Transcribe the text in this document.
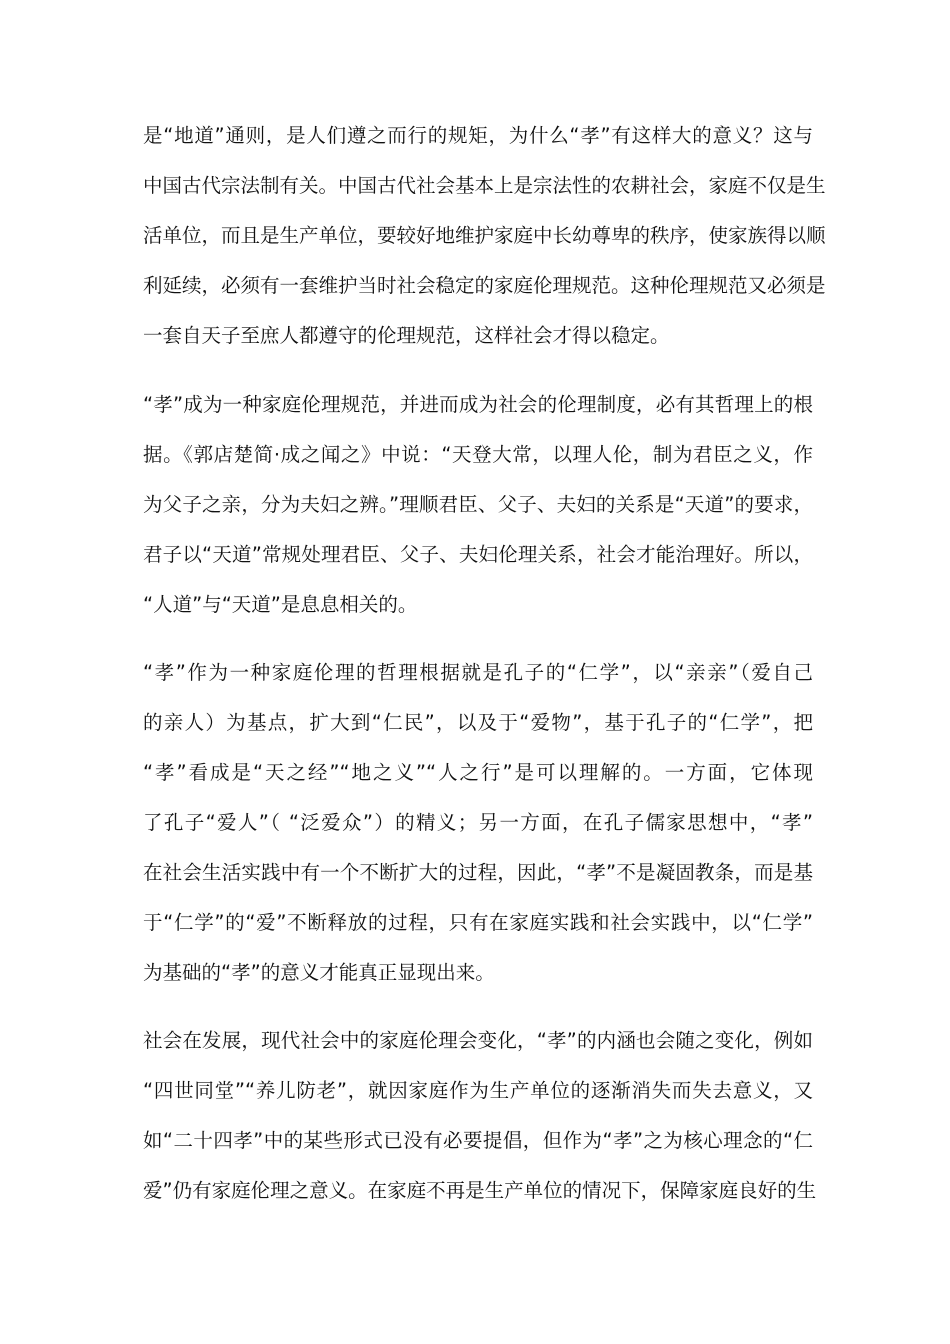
是“地道”通则，是人们遵之而行的规矩，为什么“孝”有这样大的意义？这与
中国古代宗法制有关。中国古代社会基本上是宗法性的农耕社会，家庭不仅是生
活单位，而且是生产单位，要较好地维护家庭中长幼尊卑的秩序，使家族得以顺
利延续，必须有一套维护当时社会稳定的家庭伦理规范。这种伦理规范又必须是
一套自天子至庶人都遵守的伦理规范，这样社会才得以稳定。
“孝”成为一种家庭伦理规范，并进而成为社会的伦理制度，必有其哲理上的根
据。《郭店楚简·成之闻之》中说：“天登大常，以理人伦，制为君臣之义，作
为父子之亲，分为夫妇之辨。”理顺君臣、父子、夫妇的关系是“天道”的要求，
君子以“天道”常规处理君臣、父子、夫妇伦理关系，社会才能治理好。所以，
“人道”与“天道”是息息相关的。
“孝”作为一种家庭伦理的哲理根据就是孔子的“仁学”，以“亲亲”（爱自己
的亲人）为基点，扩大到“仁民”，以及于“爱物”，基于孔子的“仁学”，把
“孝”看成是“天之经”“地之义”“人之行”是可以理解的。一方面，它体现
了孔子“爱人”（ “泛爱众”）的精义；另一方面，在孔子儒家思想中，“孝”
在社会生活实践中有一个不断扩大的过程，因此，“孝”不是凝固教条，而是基
于“仁学”的“爱”不断释放的过程，只有在家庭实践和社会实践中，以“仁学”
为基础的“孝”的意义才能真正显现出来。
社会在发展，现代社会中的家庭伦理会变化，“孝”的内涵也会随之变化，例如
“四世同堂”“养儿防老”，就因家庭作为生产单位的逐渐消失而失去意义，又
如“二十四孝”中的某些形式已没有必要提倡，但作为“孝”之为核心理念的“仁
爱”仍有家庭伦理之意义。在家庭不再是生产单位的情况下，保障家庭良好的生
